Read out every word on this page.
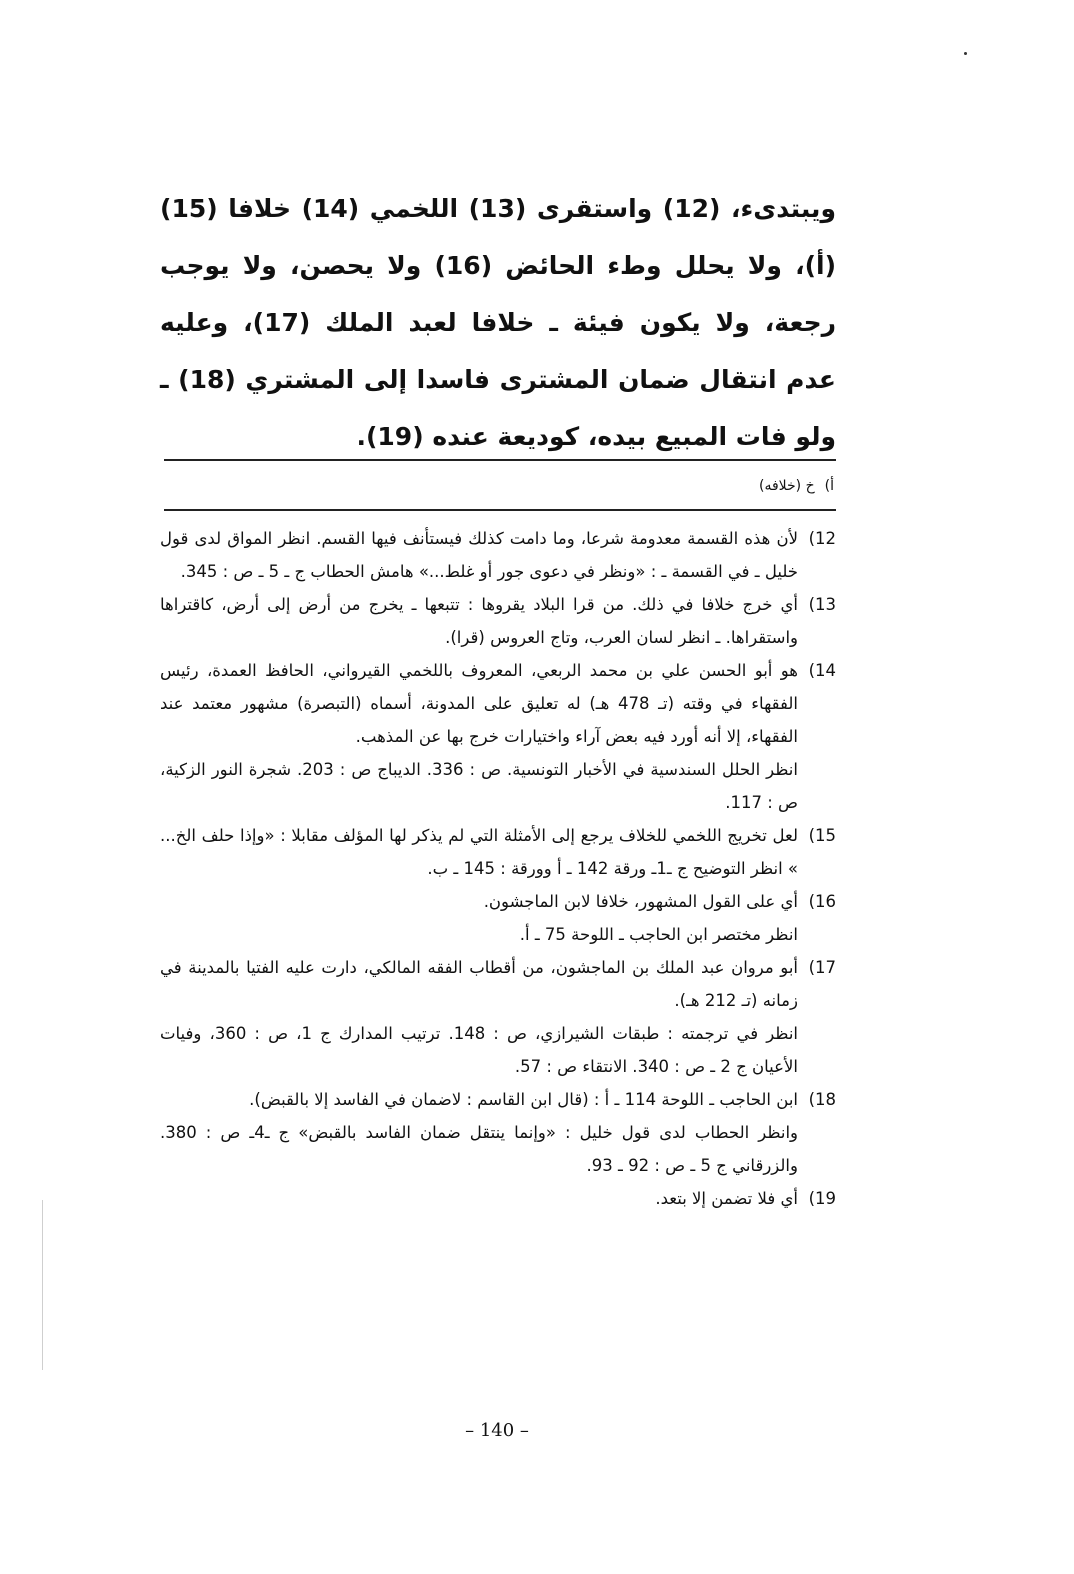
ويبتدىء، (12) واستقرى (13) اللخمي (14) خلافا (15) (أ)، ولا يحلل وطء الحائض (16) ولا يحصن، ولا يوجب رجعة، ولا يكون فيئة ـ خلافا لعبد الملك (17)، وعليه عدم انتقال ضمان المشترى فاسدا إلى المشتري (18) ـ ولو فات المبيع بيده، كوديعة عنده (19).

أ)خ (خلافه)

12)

لأن هذه القسمة معدومة شرعا، وما دامت كذلك فيستأنف فيها القسم. انظر المواق لدى قول خليل ـ في القسمة ـ : «ونظر في دعوى جور أو غلط...» هامش الحطاب ج ـ 5 ـ ص : 345.

13)

أي خرج خلافا في ذلك. من قرا البلاد يقروها : تتبعها ـ يخرج من أرض إلى أرض، كاقتراها واستقراها. ـ انظر لسان العرب، وتاج العروس (قرا).

14)

هو أبو الحسن علي بن محمد الربعي، المعروف باللخمي القيرواني، الحافظ العمدة، رئيس الفقهاء في وقته (تـ 478 هـ) له تعليق على المدونة، أسماه (التبصرة) مشهور معتمد عند الفقهاء، إلا أنه أورد فيه بعض آراء واختيارات خرج بها عن المذهب.

انظر الحلل السندسية في الأخبار التونسية. ص : 336. الديباج ص : 203. شجرة النور الزكية، ص : 117.

15)

لعل تخريج اللخمي للخلاف يرجع إلى الأمثلة التي لم يذكر لها المؤلف مقابلا : «وإذا حلف الخ... » انظر التوضيح ج ـ1ـ ورقة 142 ـ أ وورقة : 145 ـ ب.

16)

أي على القول المشهور، خلافا لابن الماجشون.

انظر مختصر ابن الحاجب ـ اللوحة 75 ـ أ.

17)

أبو مروان عبد الملك بن الماجشون، من أقطاب الفقه المالكي، دارت عليه الفتيا بالمدينة في زمانه (تـ 212 هـ).

انظر في ترجمته : طبقات الشيرازي، ص : 148. ترتيب المدارك ج 1، ص : 360، وفيات الأعيان ج 2 ـ ص : 340. الانتقاء ص : 57.

18)

ابن الحاجب ـ اللوحة 114 ـ أ : (قال ابن القاسم : لاضمان في الفاسد إلا بالقبض).

وانظر الحطاب لدى قول خليل : «وإنما ينتقل ضمان الفاسد بالقبض» ج ـ4ـ ص : 380. والزرقاني ج 5 ـ ص : 92 ـ 93.

19)

أي فلا تضمن إلا بتعد.

– 140 –
